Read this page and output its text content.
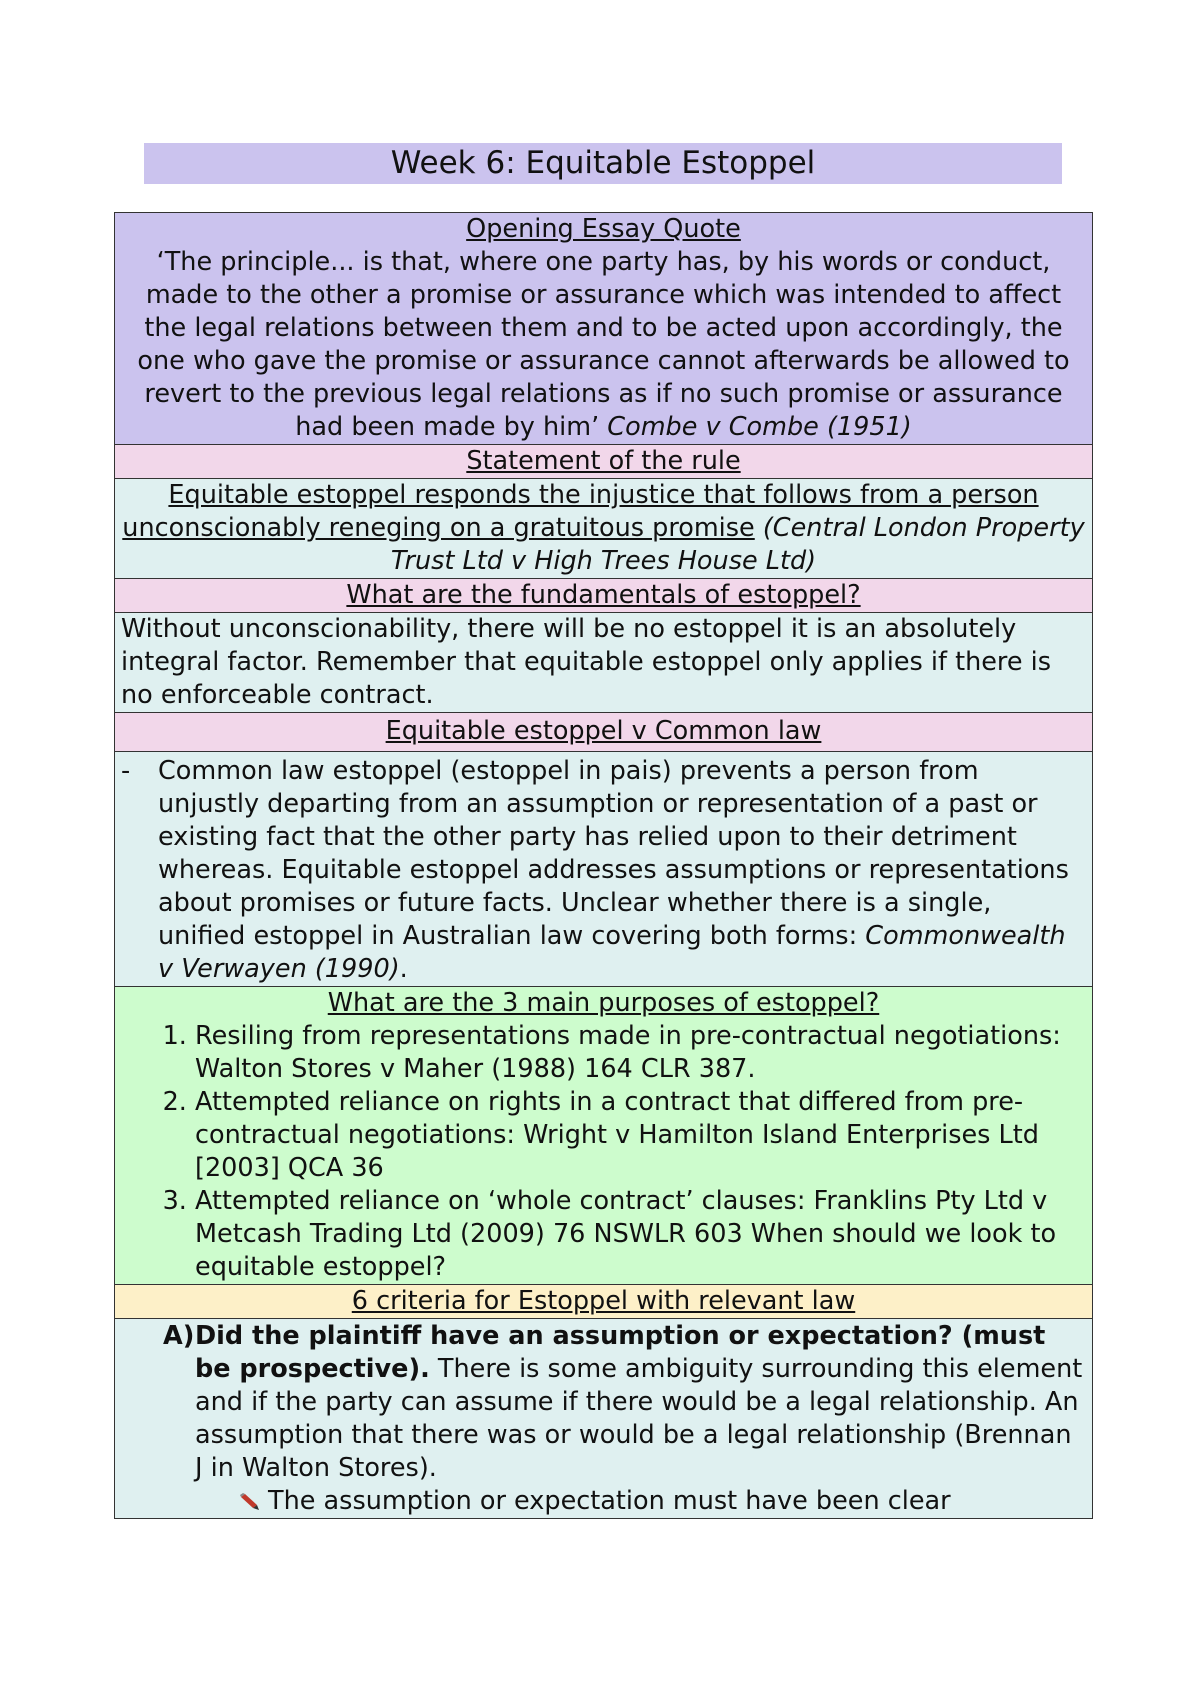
Week 6: Equitable Estoppel
Opening Essay Quote
‘The principle... is that, where one party has, by his words or conduct, made to the other a promise or assurance which was intended to affect the legal relations between them and to be acted upon accordingly, the one who gave the promise or assurance cannot afterwards be allowed to revert to the previous legal relations as if no such promise or assurance had been made by him’ Combe v Combe (1951)

Statement of the rule
Equitable estoppel responds the injustice that follows from a person unconscionably reneging on a gratuitous promise (Central London Property Trust Ltd v High Trees House Ltd)
What are the fundamentals of estoppel?
Without unconscionability, there will be no estoppel it is an absolutely integral factor. Remember that equitable estoppel only applies if there is no enforceable contract.
Equitable estoppel v Common law

- Common law estoppel (estoppel in pais) prevents a person from unjustly departing from an assumption or representation of a past or existing fact that the other party has relied upon to their detriment whereas. Equitable estoppel addresses assumptions or representations about promises or future facts. Unclear whether there is a single, unified estoppel in Australian law covering both forms: Commonwealth v Verwayen (1990).

What are the 3 main purposes of estoppel?
1. Resiling from representations made in pre-contractual negotiations: Walton Stores v Maher (1988) 164 CLR 387.
2. Attempted reliance on rights in a contract that differed from pre- contractual negotiations: Wright v Hamilton Island Enterprises Ltd [2003] QCA 36
3. Attempted reliance on ‘whole contract’ clauses: Franklins Pty Ltd v Metcash Trading Ltd (2009) 76 NSWLR 603 When should we look to equitable estoppel?

6 criteria for Estoppel with relevant law

A) Did the plaintiff have an assumption or expectation? (must be prospective). There is some ambiguity surrounding this element and if the party can assume if there would be a legal relationship. An assumption that there was or would be a legal relationship (Brennan J in Walton Stores).
The assumption or expectation must have been clear
